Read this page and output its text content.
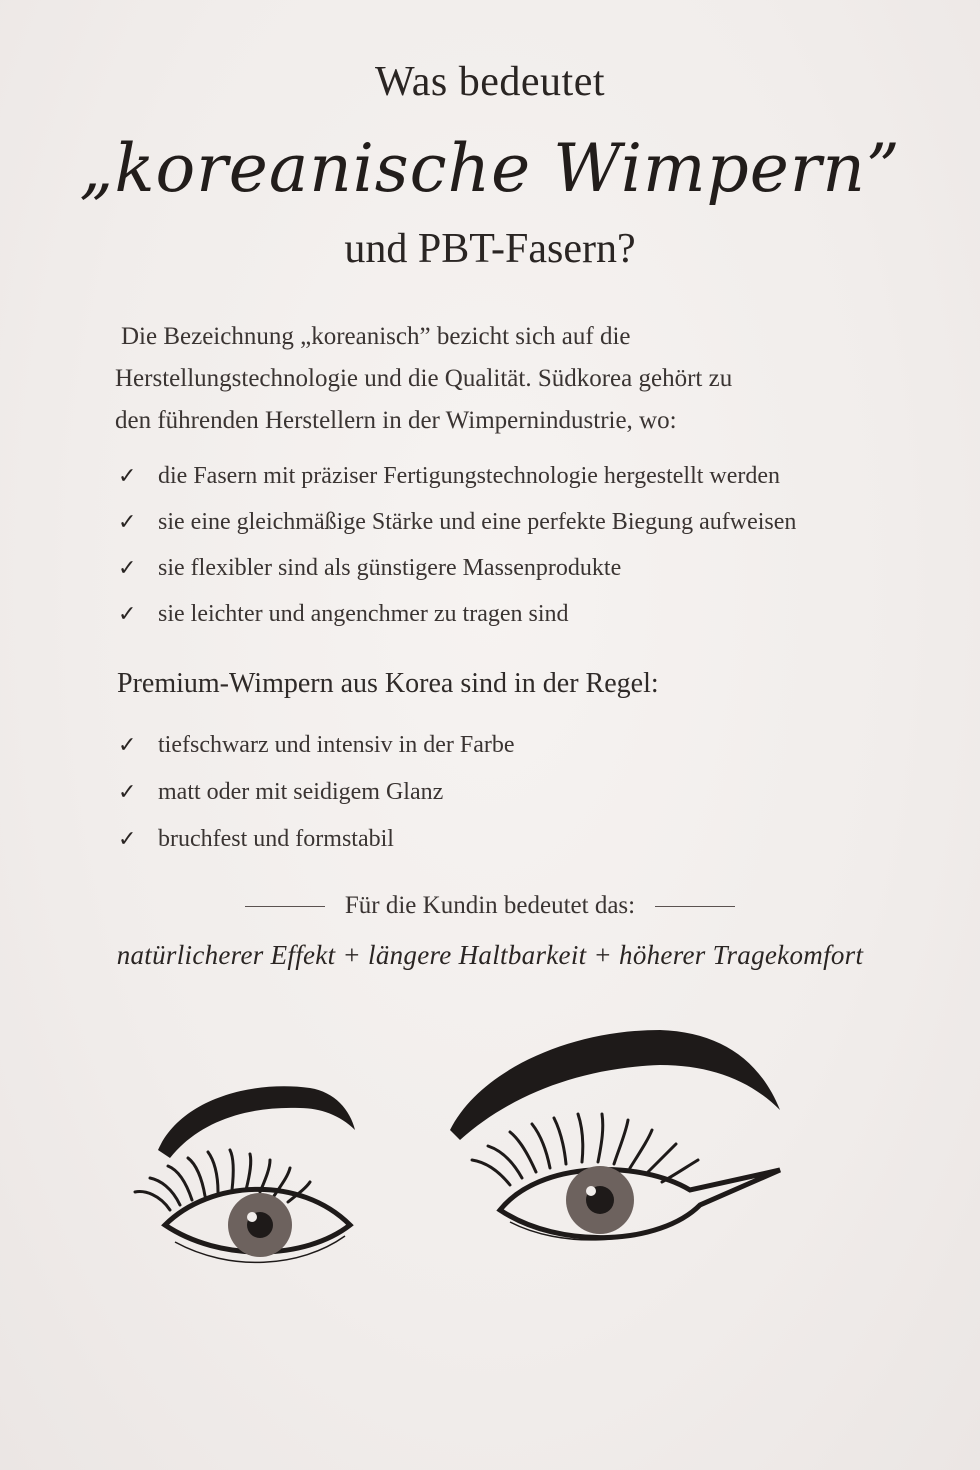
Was bedeutet
„koreanische Wimpern”
und PBT-Fasern?
Die Bezeichnung „koreanisch” bezicht sich auf die
Herstellungstechnologie und die Qualität. Südkorea gehört zu
den führenden Herstellern in der Wimpernindustrie, wo:
✓ die Fasern mit präziser Fertigungstechnologie hergestellt werden
✓ sie eine gleichmäßige Stärke und eine perfekte Biegung aufweisen
✓ sie flexibler sind als günstigere Massenprodukte
✓ sie leichter und angenchmer zu tragen sind
Premium-Wimpern aus Korea sind in der Regel:
✓ tiefschwarz und intensiv in der Farbe
✓ matt oder mit seidigem Glanz
✓ bruchfest und formstabil
Für die Kundin bedeutet das:
natürlicherer Effekt + längere Haltbarkeit + höherer Tragekomfort
